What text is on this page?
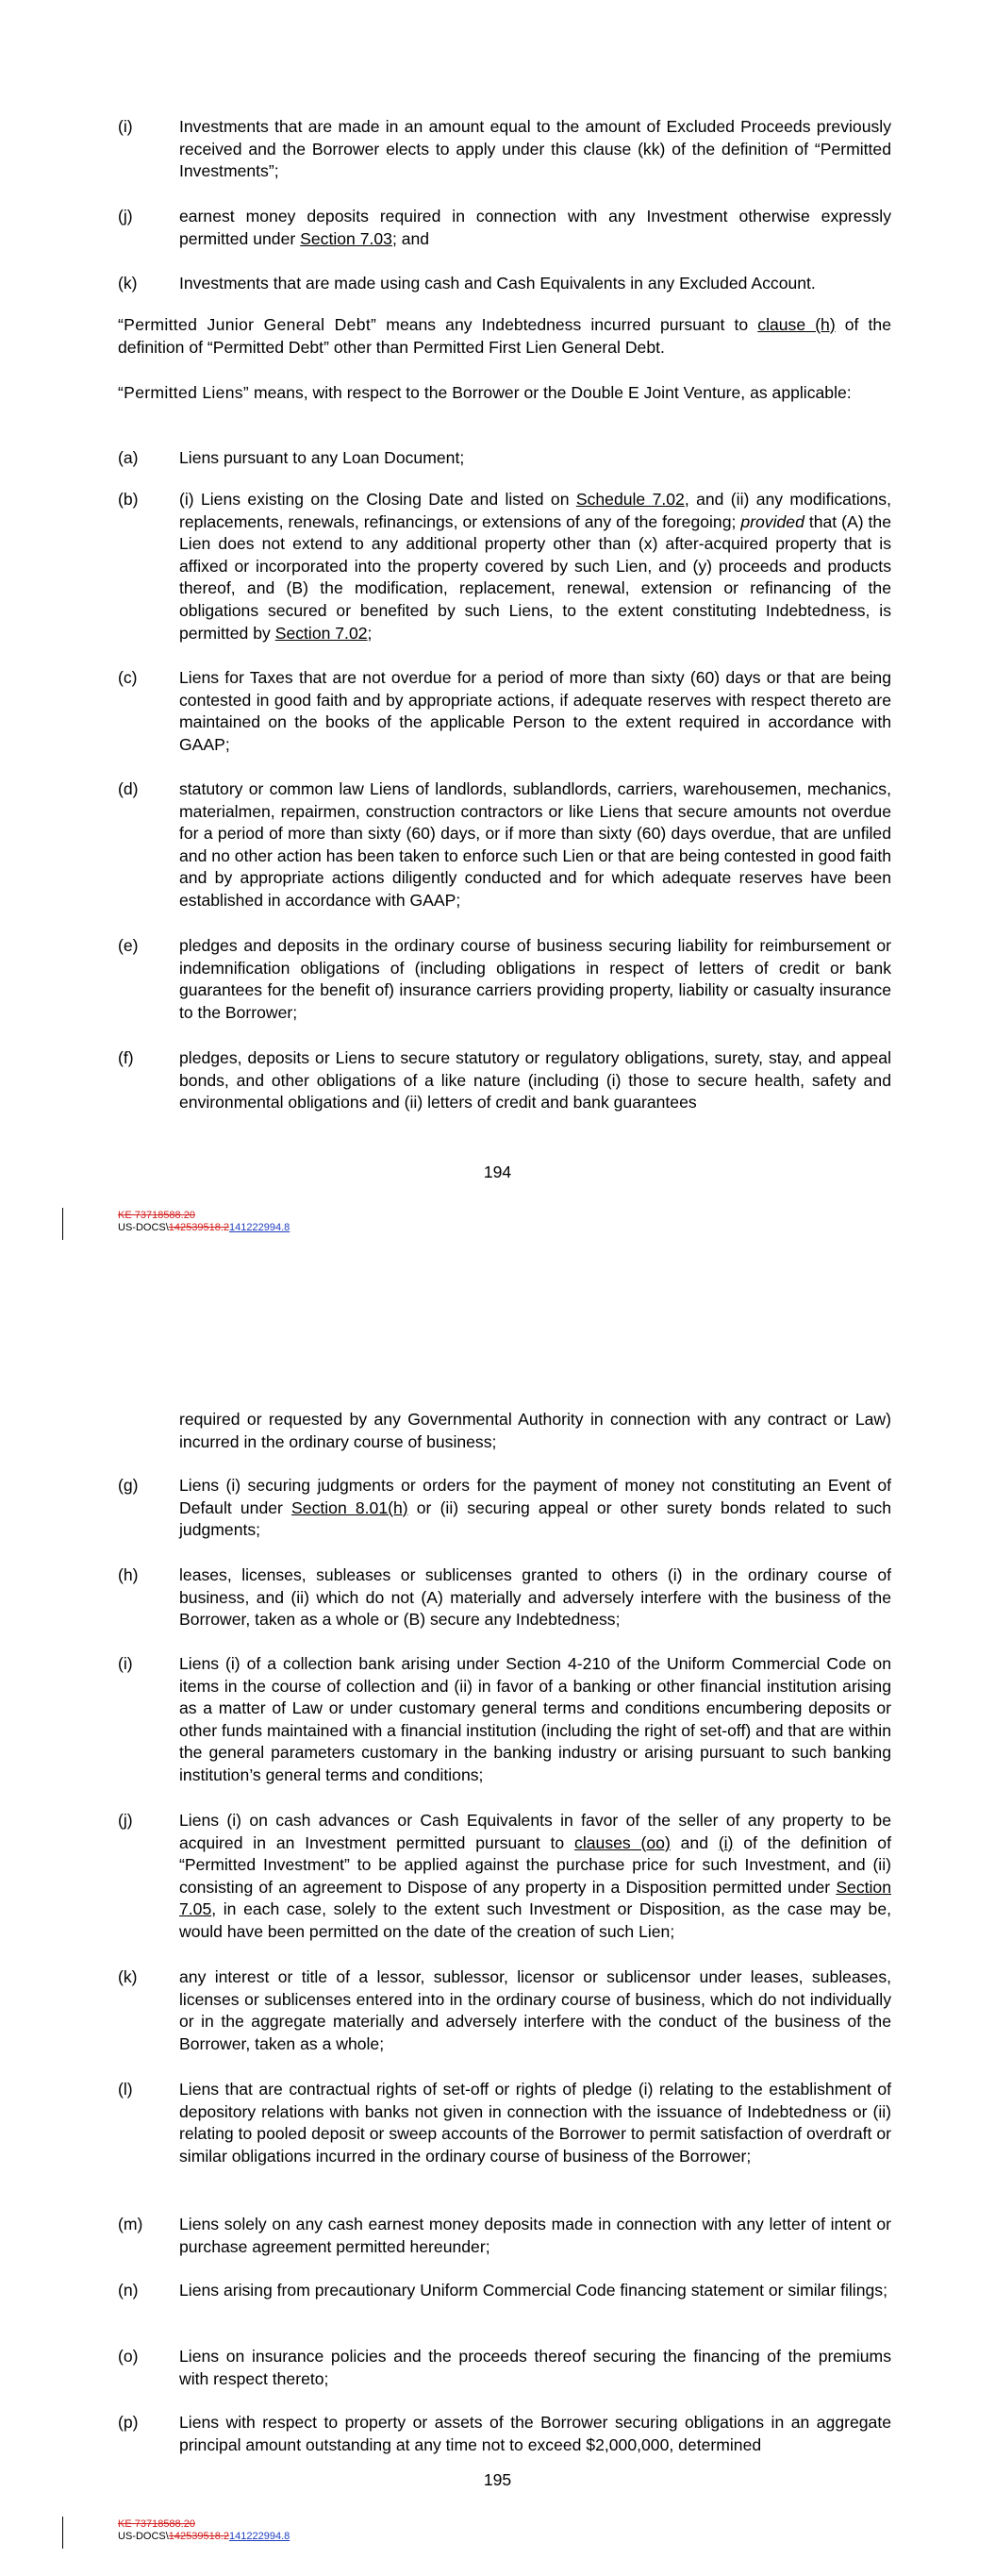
(i)	Investments that are made in an amount equal to the amount of Excluded Proceeds previously received and the Borrower elects to apply under this clause (kk) of the definition of “Permitted Investments”;
(j)	earnest money deposits required in connection with any Investment otherwise expressly permitted under Section 7.03; and
(k)	Investments that are made using cash and Cash Equivalents in any Excluded Account.
“Permitted Junior General Debt” means any Indebtedness incurred pursuant to clause (h) of the definition of “Permitted Debt” other than Permitted First Lien General Debt.
“Permitted Liens” means, with respect to the Borrower or the Double E Joint Venture, as applicable:
(a)	Liens pursuant to any Loan Document;
(b)	(i) Liens existing on the Closing Date and listed on Schedule 7.02, and (ii) any modifications, replacements, renewals, refinancings, or extensions of any of the foregoing; provided that (A) the Lien does not extend to any additional property other than (x) after-acquired property that is affixed or incorporated into the property covered by such Lien, and (y) proceeds and products thereof, and (B) the modification, replacement, renewal, extension or refinancing of the obligations secured or benefited by such Liens, to the extent constituting Indebtedness, is permitted by Section 7.02;
(c)	Liens for Taxes that are not overdue for a period of more than sixty (60) days or that are being contested in good faith and by appropriate actions, if adequate reserves with respect thereto are maintained on the books of the applicable Person to the extent required in accordance with GAAP;
(d)	statutory or common law Liens of landlords, sublandlords, carriers, warehousemen, mechanics, materialmen, repairmen, construction contractors or like Liens that secure amounts not overdue for a period of more than sixty (60) days, or if more than sixty (60) days overdue, that are unfiled and no other action has been taken to enforce such Lien or that are being contested in good faith and by appropriate actions diligently conducted and for which adequate reserves have been established in accordance with GAAP;
(e)	pledges and deposits in the ordinary course of business securing liability for reimbursement or indemnification obligations of (including obligations in respect of letters of credit or bank guarantees for the benefit of) insurance carriers providing property, liability or casualty insurance to the Borrower;
(f)	pledges, deposits or Liens to secure statutory or regulatory obligations, surety, stay, and appeal bonds, and other obligations of a like nature (including (i) those to secure health, safety and environmental obligations and (ii) letters of credit and bank guarantees
194
KE 73718588.20
US-DOCS\142539518.2141222994.8
required or requested by any Governmental Authority in connection with any contract or Law) incurred in the ordinary course of business;
(g)	Liens (i) securing judgments or orders for the payment of money not constituting an Event of Default under Section 8.01(h) or (ii) securing appeal or other surety bonds related to such judgments;
(h)	leases, licenses, subleases or sublicenses granted to others (i) in the ordinary course of business, and (ii) which do not (A) materially and adversely interfere with the business of the Borrower, taken as a whole or (B) secure any Indebtedness;
(i)	Liens (i) of a collection bank arising under Section 4-210 of the Uniform Commercial Code on items in the course of collection and (ii) in favor of a banking or other financial institution arising as a matter of Law or under customary general terms and conditions encumbering deposits or other funds maintained with a financial institution (including the right of set-off) and that are within the general parameters customary in the banking industry or arising pursuant to such banking institution’s general terms and conditions;
(j)	Liens (i) on cash advances or Cash Equivalents in favor of the seller of any property to be acquired in an Investment permitted pursuant to clauses (oo) and (i) of the definition of “Permitted Investment” to be applied against the purchase price for such Investment, and (ii) consisting of an agreement to Dispose of any property in a Disposition permitted under Section 7.05, in each case, solely to the extent such Investment or Disposition, as the case may be, would have been permitted on the date of the creation of such Lien;
(k)	any interest or title of a lessor, sublessor, licensor or sublicensor under leases, subleases, licenses or sublicenses entered into in the ordinary course of business, which do not individually or in the aggregate materially and adversely interfere with the conduct of the business of the Borrower, taken as a whole;
(l)	Liens that are contractual rights of set-off or rights of pledge (i) relating to the establishment of depository relations with banks not given in connection with the issuance of Indebtedness or (ii) relating to pooled deposit or sweep accounts of the Borrower to permit satisfaction of overdraft or similar obligations incurred in the ordinary course of business of the Borrower;
(m)	Liens solely on any cash earnest money deposits made in connection with any letter of intent or purchase agreement permitted hereunder;
(n)	Liens arising from precautionary Uniform Commercial Code financing statement or similar filings;
(o)	Liens on insurance policies and the proceeds thereof securing the financing of the premiums with respect thereto;
(p)	Liens with respect to property or assets of the Borrower securing obligations in an aggregate principal amount outstanding at any time not to exceed $2,000,000, determined
195
KE 73718588.20
US-DOCS\142539518.2141222994.8
